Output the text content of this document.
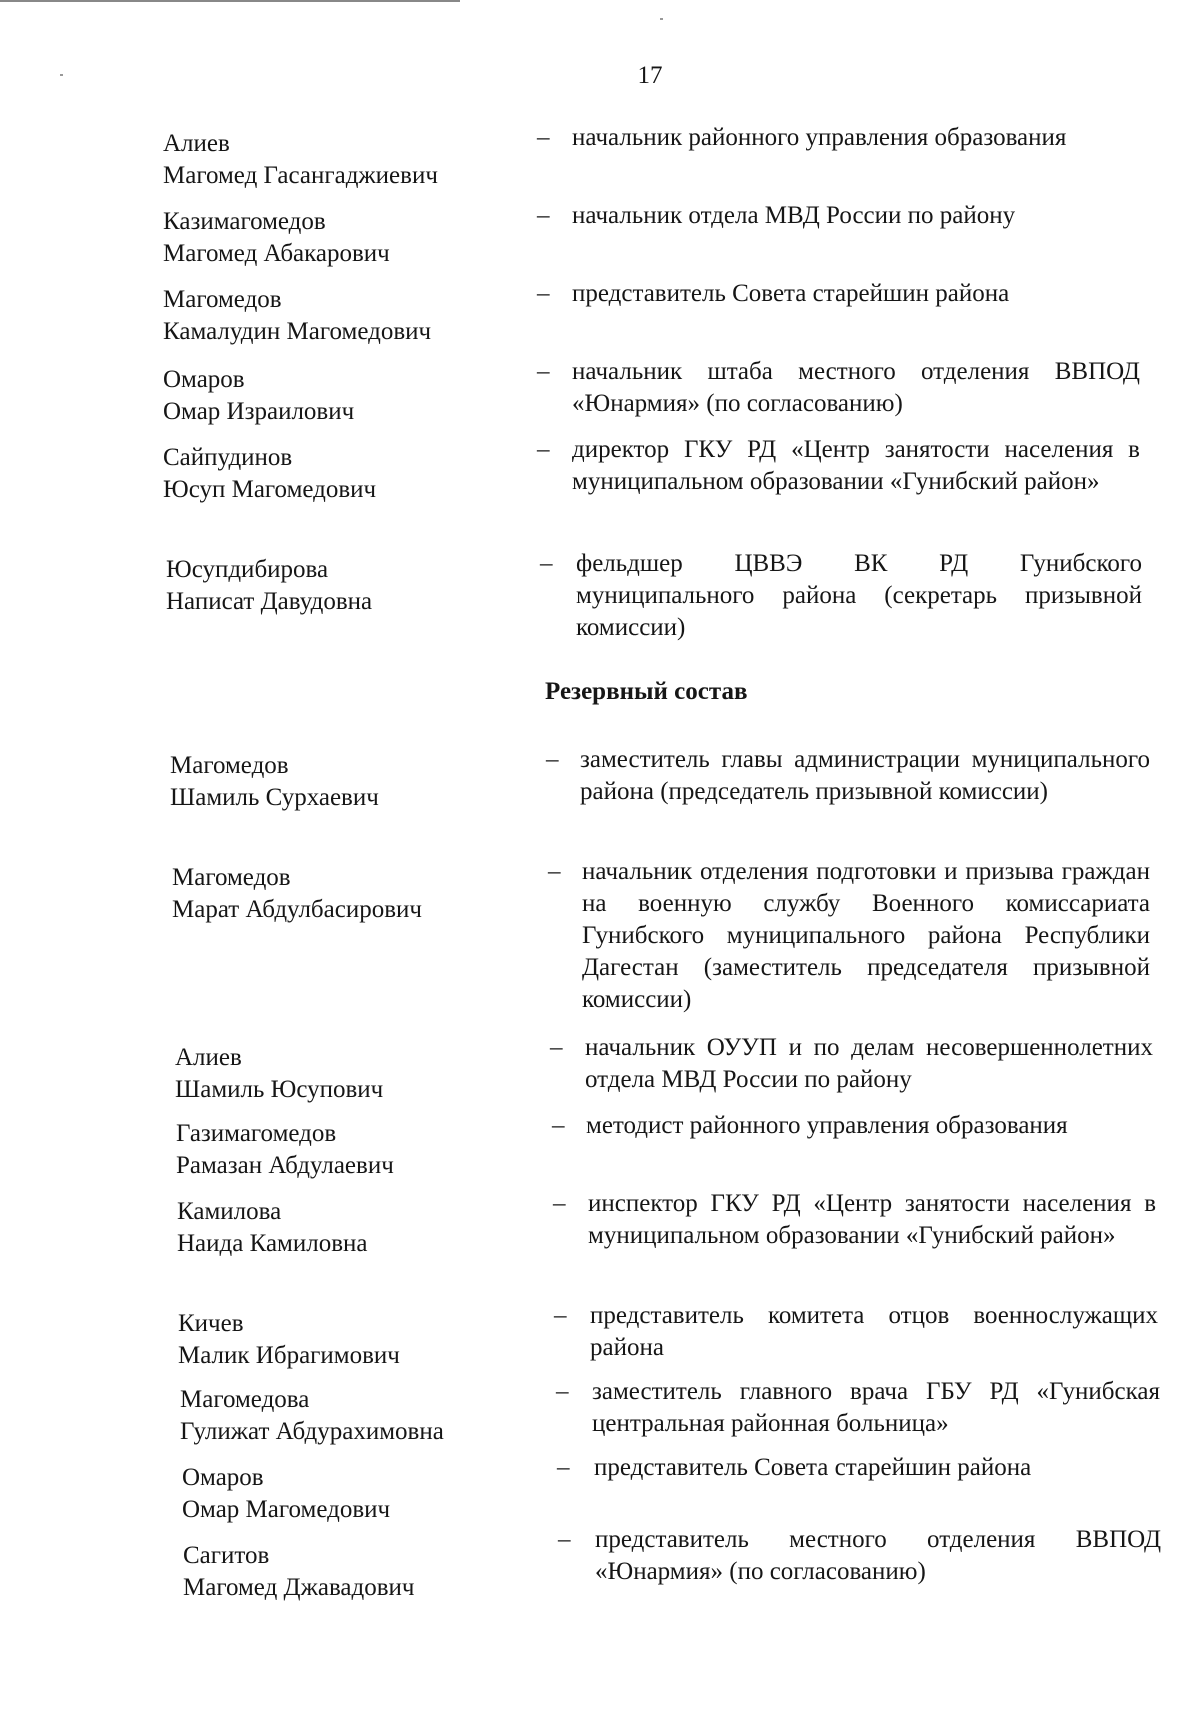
17
Алиев
Магомед Гасангаджиевич
– начальник районного управления образования
Казимагомедов
Магомед Абакарович
– начальник отдела МВД России по району
Магомедов
Камалудин Магомедович
– представитель Совета старейшин района
Омаров
Омар Израилович
– начальник штаба местного отделения ВВПОД «Юнармия» (по согласованию)
Сайпудинов
Юсуп Магомедович
– директор ГКУ РД «Центр занятости населения в муниципальном образовании «Гунибский район»
Юсупдибирова
Написат Давудовна
– фельдшер ЦВВЭ ВК РД Гунибского муниципального района (секретарь призывной комиссии)
Резервный состав
Магомедов
Шамиль Сурхаевич
– заместитель главы администрации муниципального района (председатель призывной комиссии)
Магомедов
Марат Абдулбасирович
– начальник отделения подготовки и призыва граждан на военную службу Военного комиссариата Гунибского муниципального района Республики Дагестан (заместитель председателя призывной комиссии)
Алиев
Шамиль Юсупович
– начальник ОУУП и по делам несовершеннолетних отдела МВД России по району
Газимагомедов
Рамазан Абдулаевич
– методист районного управления образования
Камилова
Наида Камиловна
– инспектор ГКУ РД «Центр занятости населения в муниципальном образовании «Гунибский район»
Кичев
Малик Ибрагимович
– представитель комитета отцов военнослужащих района
Магомедова
Гулижат Абдурахимовна
– заместитель главного врача ГБУ РД «Гунибская центральная районная больница»
Омаров
Омар Магомедович
– представитель Совета старейшин района
Сагитов
Магомед Джавадович
– представитель местного отделения ВВПОД «Юнармия» (по согласованию)
